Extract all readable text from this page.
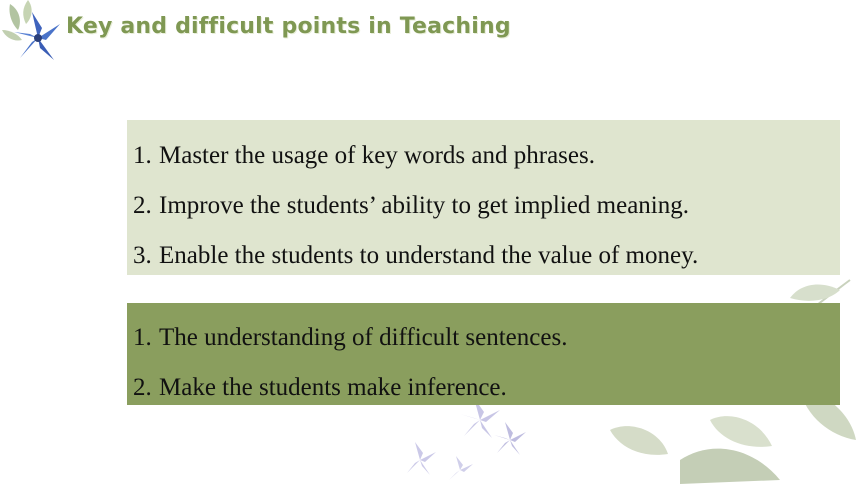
Key and difficult points in Teaching
1. Master the usage of key words and phrases.
2. Improve the students’ ability to get implied meaning.
3. Enable the students to understand the value of money.
1. The understanding of difficult sentences.
2. Make the students make inference.
